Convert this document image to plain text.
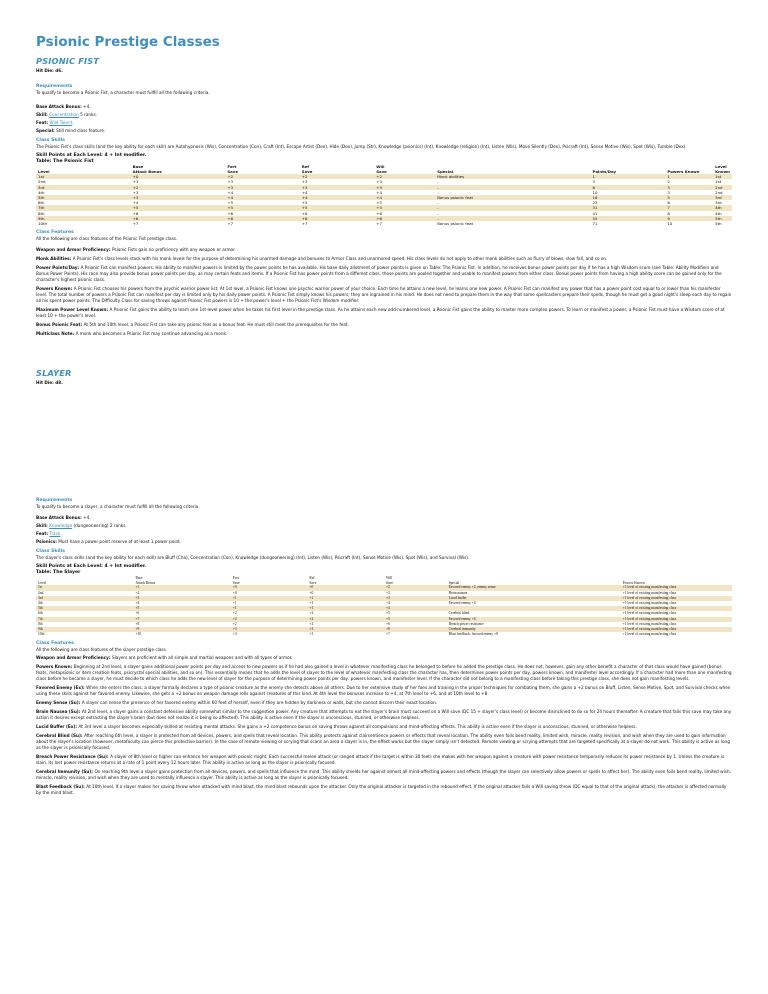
Psionic Prestige Classes
PSIONIC FIST
Hit Die: d6.
Requirements
To qualify to become a Psionic Fist, a character must fulfill all the following criteria.
Base Attack Bonus: +4.
Skill: Concentration 5 ranks.
Feat: Wild Talent.
Special: Still mind class feature.
Class Skills
The Psionic Fist's class skills (and the key ability for each skill) are Autohypnosis (Wis), Concentration (Con), Craft (Int), Escape Artist (Dex), Hide (Dex), Jump (Str), Knowledge (psionics) (Int), Knowledge (religion) (Int), Listen (Wis), Move Silently (Dex), Psicraft (Int), Sense Motive (Wis), Spot (Wis), Tumble (Dex).
Skill Points at Each Level: 4 + Int modifier.
Table: The Psionic Fist
Level	Base
Attack Bonus	Fort
Save	Ref
Save	Will
Save	Special	Points/Day	Powers Known	Level Known
1st	+0	+2	+2	+2	Monk abilities	1	1	1st
2nd	+1	+3	+3	+3	-	3	2	1st
3rd	+2	+3	+3	+3	-	6	3	2nd
4th	+3	+4	+4	+4	-	10	3	2nd
5th	+3	+4	+4	+4	Bonus psionic feat	16	5	3rd
6th	+4	+5	+5	+5	-	23	6	3rd
7th	+5	+5	+5	+5	-	31	7	4th
8th	+6	+6	+6	+6	-	41	8	4th
9th	+6	+6	+6	+6	-	55	9	5th
10th	+7	+7	+7	+7	Bonus psionic feat	71	10	5th
Class Features
All the following are class features of the Psionic Fist prestige class.
Weapon and Armor Proficiency: Psionic Fists gain no proficiency with any weapon or armor.
Monk Abilities: A Psionic Fist's class levels stack with his monk levels for the purpose of determining his unarmed damage and bonuses to Armor Class and unarmored speed. His class levels do not apply to other monk abilities such as flurry of blows, slow fall, and so on.
Power Points/Day: A Psionic Fist can manifest powers. His ability to manifest powers is limited by the power points he has available. His base daily allotment of power points is given on Table: The Psionic Fist. In addition, he receives bonus power points per day if he has a high Wisdom score (see Table: Ability Modifiers and Bonus Power Points). His race may also provide bonus power points per day, as may certain feats and items. If a Psionic Fist has power points from a different class, those points are pooled together and usable to manifest powers from either class. Bonus power points from having a high ability score can be gained only for the character's highest psionic class.
Powers Known: A Psionic Fist chooses his powers from the psychic warrior power list. At 1st level, a Psionic Fist knows one psychic warrior power of your choice. Each time he attains a new level, he learns one new power. A Psionic Fist can manifest any power that has a power point cost equal to or lower than his manifester level. The total number of powers a Psionic Fist can manifest per day is limited only by his daily power points. A Psionic Fist simply knows his powers; they are ingrained in his mind. He does not need to prepare them in the way that some spellcasters prepare their spells, though he must get a good night's sleep each day to regain all his spent power points. The Difficulty Class for saving throws against Psionic Fist powers is 10 + the power's level + the Psionic Fist's Wisdom modifier.
Maximum Power Level Known: A Psionic Fist gains the ability to learn one 1st-level power when he takes his first level in the prestige class. As he attains each new odd-numbered level, a Psionic Fist gains the ability to master more complex powers. To learn or manifest a power, a Psionic Fist must have a Wisdom score of at least 10 + the power's level.
Bonus Psionic Feat: At 5th and 10th level, a Psionic Fist can take any psionic feat as a bonus feat. He must still meet the prerequisites for the feat.
Multiclass Note: A monk who becomes a Psionic Fist may continue advancing as a monk.
SLAYER
Hit Die: d8.
Requirements
To qualify to become a slayer, a character must fulfill all the following criteria.
Base Attack Bonus: +4.
Skill: Knowledge (dungeoneering) 2 ranks.
Feat: Track.
Psionics: Must have a power point reserve of at least 1 power point.
Class Skills
The slayer's class skills (and the key ability for each skill) are Bluff (Cha), Concentration (Con), Knowledge (dungeoneering) (Int), Listen (Wis), Psicraft (Int), Sense Motive (Wis), Spot (Wis), and Survival (Wis).
Skill Points at Each Level: 4 + Int modifier.
Table: The Slayer
Level	Base
Attack Bonus	Fort
Save	Ref
Save	Will
Save	Special	Powers Known
1st	+1	+0	+0	+2	Favored enemy +2, enemy sense	+1 level of existing manifesting class
2nd	+2	+0	+0	+3	Brain nausea	+1 level of existing manifesting class
3rd	+3	+1	+1	+3	Lucid buffer	+1 level of existing manifesting class
4th	+4	+1	+1	+4	Favored enemy +4	+1 level of existing manifesting class
5th	+5	+1	+1	+4		+1 level of existing manifesting class
6th	+6	+2	+2	+5	Cerebral blind	+1 level of existing manifesting class
7th	+7	+2	+2	+5	Favored enemy +6	+1 level of existing manifesting class
8th	+8	+2	+2	+6	Breach power resistance	+1 level of existing manifesting class
9th	+9	+3	+3	+6	Cerebral immunity	+1 level of existing manifesting class
10th	+10	+3	+3	+7	Blast feedback, favored enemy +8	+1 level of existing manifesting class
Class Features
All the following are class features of the slayer prestige class.
Weapon and Armor Proficiency: Slayers are proficient with all simple and martial weapons and with all types of armor.
Powers Known: Beginning at 2nd level, a slayer gains additional power points per day and access to new powers as if he had also gained a level in whatever manifesting class he belonged to before he added the prestige class. He does not, however, gain any other benefit a character of that class would have gained (bonus feats, metapsionic or item creation feats, psicrystal special abilities, and so on). This essentially means that he adds the level of slayer to the level of whatever manifesting class the character has, then determines power points per day, powers known, and manifester level accordingly. If a character had more than one manifesting class before he became a slayer, he must decide to which class he adds the new level of slayer for the purpose of determining power points per day, powers known, and manifester level. If the character did not belong to a manifesting class before taking this prestige class, she does not gain manifesting levels.
Favored Enemy (Ex): When she enters the class, a slayer formally declares a type of psionic creature as the enemy she detects above all others. Due to her extensive study of her foes and training in the proper techniques for combating them, she gains a +2 bonus on Bluff, Listen, Sense Motive, Spot, and Survival checks when using these skills against her favored enemy. Likewise, she gets a +2 bonus on weapon damage rolls against creatures of this kind. At 4th level the bonuses increase to +4, at 7th level to +6, and at 10th level to +8.
Enemy Sense (Su): A slayer can sense the presence of her favored enemy within 60 feet of herself, even if they are hidden by darkness or walls, but she cannot discern their exact location.
Brain Nausea (Su): At 2nd level, a slayer gains a constant defensive ability somewhat similar to the suggestion power. Any creature that attempts to eat the slayer's brain must succeed on a Will save (DC 15 + slayer's class level) or become disinclined to do so for 24 hours thereafter. A creature that fails this save may take any action it desires except extracting the slayer's brain (but does not realize it is being so affected). This ability is active even if the slayer is unconscious, stunned, or otherwise helpless.
Lucid Buffer (Ex): At 3rd level a slayer becomes especially skilled at resisting mental attacks. She gains a +2 competence bonus on saving throws against all compulsions and mind-affecting effects. This ability is active even if the slayer is unconscious, stunned, or otherwise helpless.
Cerebral Blind (Su): After reaching 6th level, a slayer is protected from all devices, powers, and spells that reveal location. This ability protects against clairsentience powers or effects that reveal location. The ability even foils bend reality, limited wish, miracle, reality revision, and wish when they are used to gain information about the slayer's location (however, metafaculty can pierce this protective barrier). In the case of remote viewing or scrying that scans an area a slayer is in, the effect works but the slayer simply isn't detected. Remote viewing or scrying attempts that are targeted specifically at a slayer do not work. This ability is active as long as the slayer is psionically focused.
Breach Power Resistance (Su): A slayer of 8th level or higher can enhance her weapon with psionic might. Each successful melee attack (or ranged attack if the target is within 30 feet) she makes with her weapon against a creature with power resistance temporarily reduces its power resistance by 1. Unless the creature is slain, its lost power resistance returns at a rate of 1 point every 12 hours later. This ability is active as long as the slayer is psionically focused.
Cerebral Immunity (Su): On reaching 9th level a slayer gains protection from all devices, powers, and spells that influence the mind. This ability shields her against almost all mind-affecting powers and effects (though the slayer can selectively allow powers or spells to affect her). The ability even foils bend reality, limited wish, miracle, reality revision, and wish when they are used to mentally influence a slayer. This ability is active as long as the slayer is psionically focused.
Blast Feedback (Su): At 10th level, if a slayer makes her saving throw when attacked with mind blast, the mind blast rebounds upon the attacker. Only the original attacker is targeted in the rebound effect. If the original attacker fails a Will saving throw (DC equal to that of the original attack), the attacker is affected normally by the mind blast.
